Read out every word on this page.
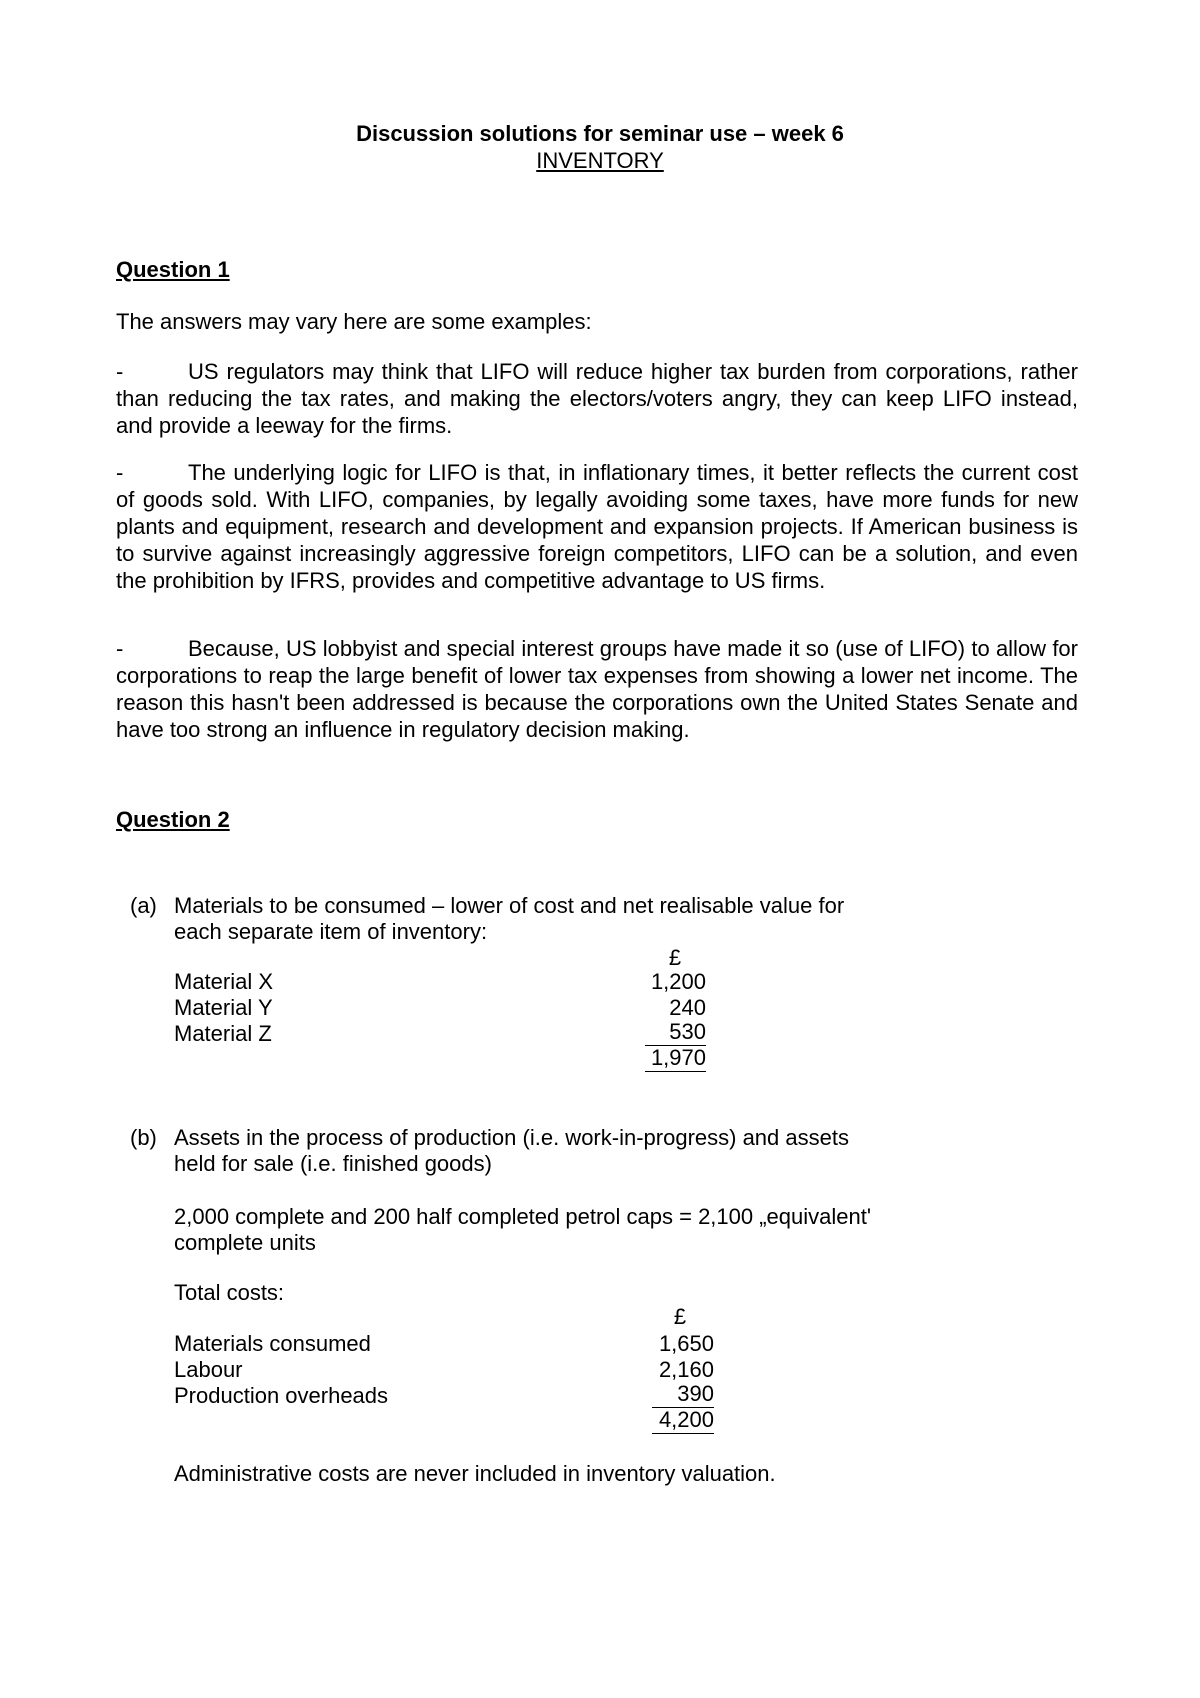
Discussion solutions for seminar use – week 6
INVENTORY
Question 1
The answers may vary here are some examples:
-	US regulators may think that LIFO will reduce higher tax burden from corporations, rather than reducing the tax rates, and making the electors/voters angry, they can keep LIFO instead, and provide a leeway for the firms.
-	The underlying logic for LIFO is that, in inflationary times, it better reflects the current cost of goods sold. With LIFO, companies, by legally avoiding some taxes, have more funds for new plants and equipment, research and development and expansion projects. If American business is to survive against increasingly aggressive foreign competitors, LIFO can be a solution, and even the prohibition by IFRS, provides and competitive advantage to US firms.
-	Because, US lobbyist and special interest groups have made it so (use of LIFO) to allow for corporations to reap the large benefit of lower tax expenses from showing a lower net income. The reason this hasn't been addressed is because the corporations own the United States Senate and have too strong an influence in regulatory decision making.
Question 2
(a) Materials to be consumed – lower of cost and net realisable value for
each separate item of inventory:
£
Material X	1,200
Material Y	240
Material Z	530
1,970
(b) Assets in the process of production (i.e. work-in-progress) and assets
held for sale (i.e. finished goods)
2,000 complete and 200 half completed petrol caps = 2,100 „equivalent'
complete units
Total costs:
£
Materials consumed	1,650
Labour	2,160
Production overheads	390
4,200
Administrative costs are never included in inventory valuation.
